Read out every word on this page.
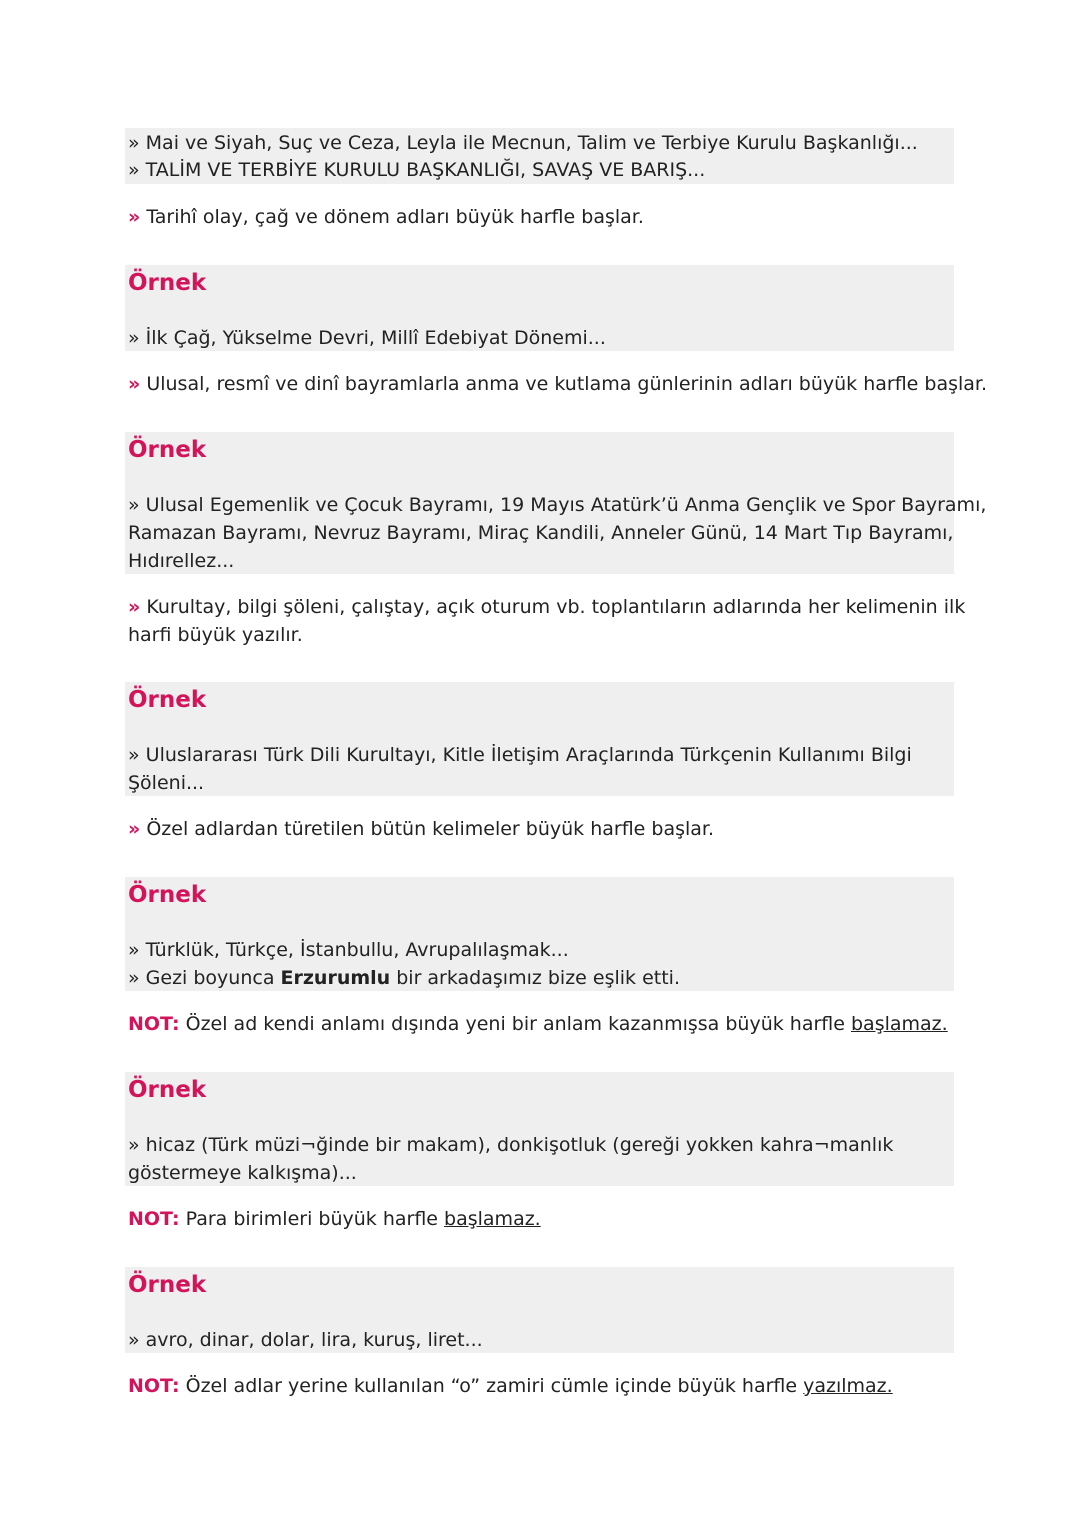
» Mai ve Siyah, Suç ve Ceza, Leyla ile Mecnun, Talim ve Terbiye Kurulu Başkanlığı...
» TALİM VE TERBİYE KURULU BAŞKANLIĞI, SAVAŞ VE BARIŞ...
» Tarihî olay, çağ ve dönem adları büyük harfle başlar.
Örnek
» İlk Çağ, Yükselme Devri, Millî Edebiyat Dönemi...
» Ulusal, resmî ve dinî bayramlarla anma ve kutlama günlerinin adları büyük harfle başlar.
Örnek
» Ulusal Egemenlik ve Çocuk Bayramı, 19 Mayıs Atatürk’ü Anma Gençlik ve Spor Bayramı,
Ramazan Bayramı, Nevruz Bayramı, Miraç Kandili, Anneler Günü, 14 Mart Tıp Bayramı,
Hıdırellez...
» Kurultay, bilgi şöleni, çalıştay, açık oturum vb. toplantıların adlarında her kelimenin ilk
harfi büyük yazılır.
Örnek
» Uluslararası Türk Dili Kurultayı, Kitle İletişim Araçlarında Türkçenin Kullanımı Bilgi
Şöleni...
» Özel adlardan türetilen bütün kelimeler büyük harfle başlar.
Örnek
» Türklük, Türkçe, İstanbullu, Avrupalılaşmak...
» Gezi boyunca Erzurumlu bir arkadaşımız bize eşlik etti.
NOT: Özel ad kendi anlamı dışında yeni bir anlam kazanmışsa büyük harfle başlamaz.
Örnek
» hicaz (Türk müzi¬ğinde bir makam), donkişotluk (gereği yokken kahra¬manlık
göstermeye kalkışma)...
NOT: Para birimleri büyük harfle başlamaz.
Örnek
» avro, dinar, dolar, lira, kuruş, liret...
NOT: Özel adlar yerine kullanılan “o” zamiri cümle içinde büyük harfle yazılmaz.
